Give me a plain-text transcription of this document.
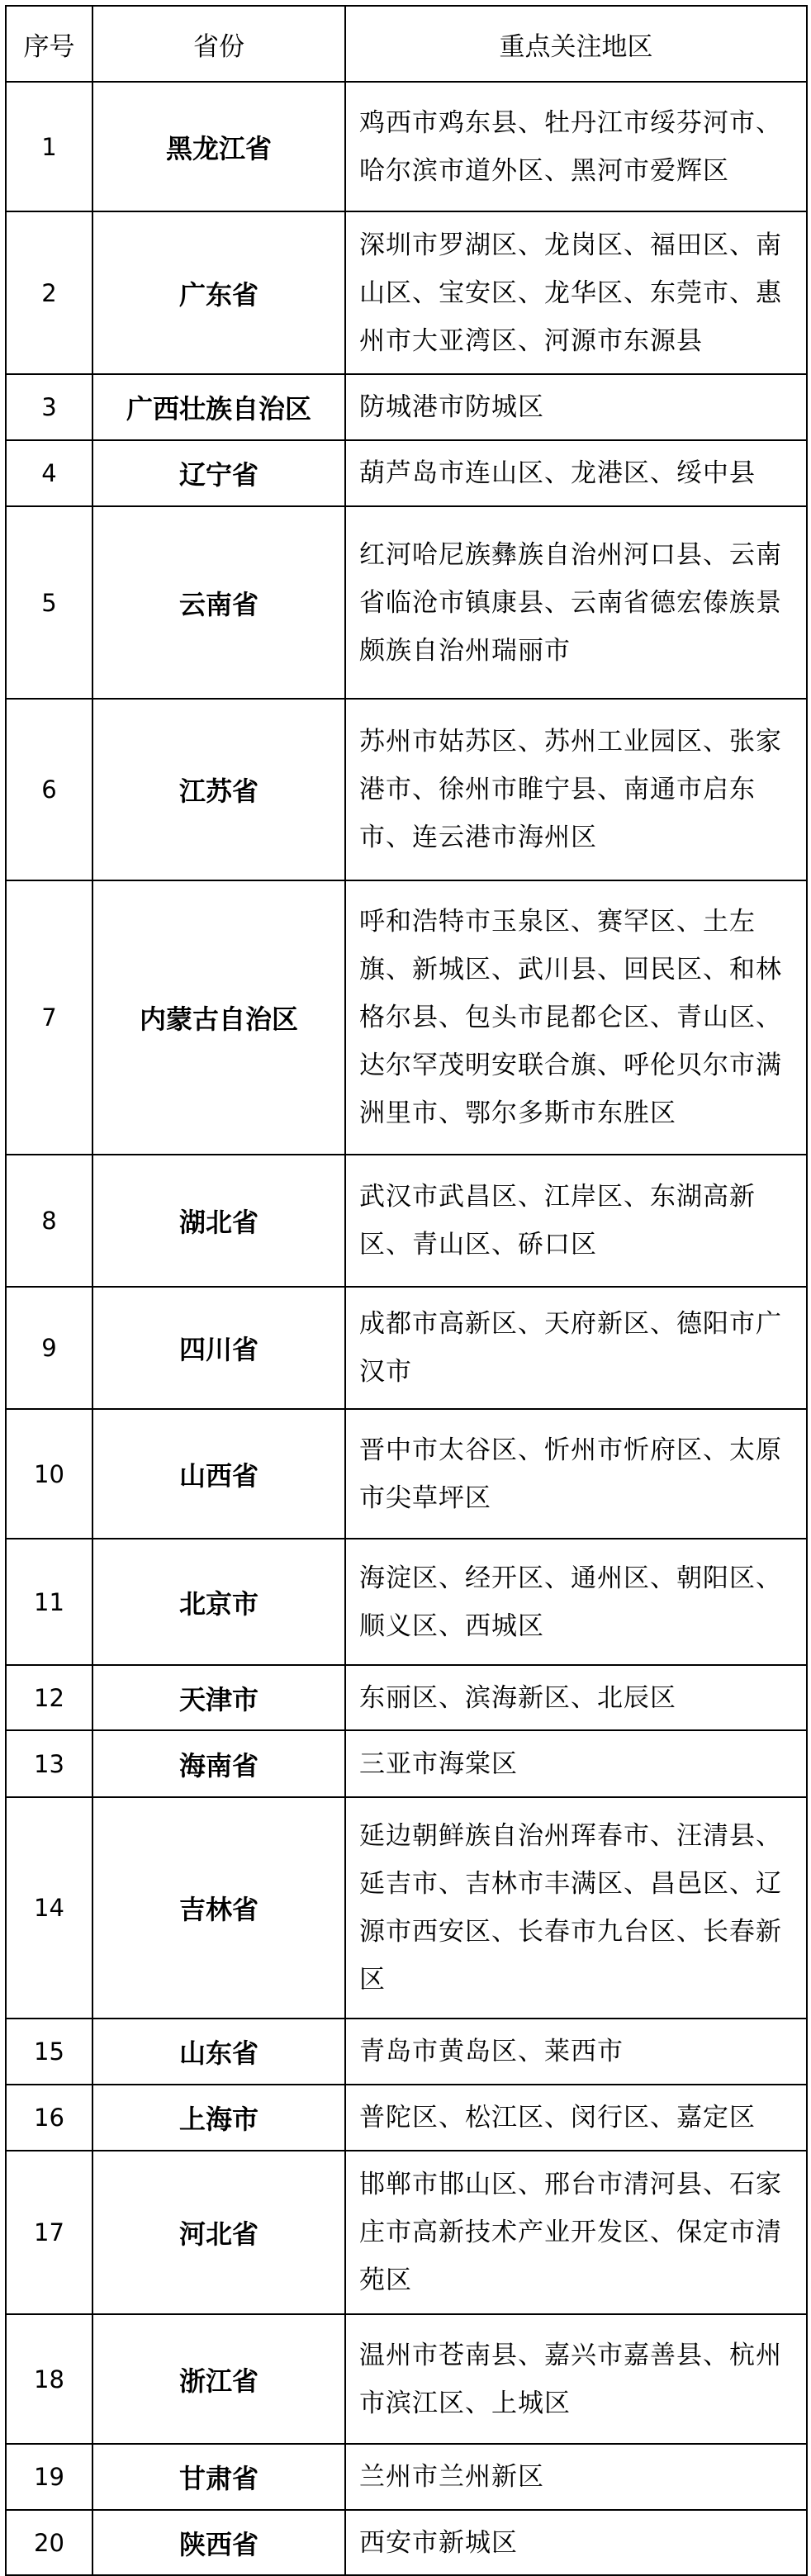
序号	省份	重点关注地区
1	黑龙江省	鸡西市鸡东县、牡丹江市绥芬河市、哈尔滨市道外区、黑河市爱辉区
2	广东省	深圳市罗湖区、龙岗区、福田区、南山区、宝安区、龙华区、东莞市、惠州市大亚湾区、河源市东源县
3	广西壮族自治区	防城港市防城区
4	辽宁省	葫芦岛市连山区、龙港区、绥中县
5	云南省	红河哈尼族彝族自治州河口县、云南省临沧市镇康县、云南省德宏傣族景颇族自治州瑞丽市
6	江苏省	苏州市姑苏区、苏州工业园区、张家港市、徐州市睢宁县、南通市启东市、连云港市海州区
7	内蒙古自治区	呼和浩特市玉泉区、赛罕区、土左旗、新城区、武川县、回民区、和林格尔县、包头市昆都仑区、青山区、达尔罕茂明安联合旗、呼伦贝尔市满洲里市、鄂尔多斯市东胜区
8	湖北省	武汉市武昌区、江岸区、东湖高新区、青山区、硚口区
9	四川省	成都市高新区、天府新区、德阳市广汉市
10	山西省	晋中市太谷区、忻州市忻府区、太原市尖草坪区
11	北京市	海淀区、经开区、通州区、朝阳区、顺义区、西城区
12	天津市	东丽区、滨海新区、北辰区
13	海南省	三亚市海棠区
14	吉林省	延边朝鲜族自治州珲春市、汪清县、延吉市、吉林市丰满区、昌邑区、辽源市西安区、长春市九台区、长春新区
15	山东省	青岛市黄岛区、莱西市
16	上海市	普陀区、松江区、闵行区、嘉定区
17	河北省	邯郸市邯山区、邢台市清河县、石家庄市高新技术产业开发区、保定市清苑区
18	浙江省	温州市苍南县、嘉兴市嘉善县、杭州市滨江区、上城区
19	甘肃省	兰州市兰州新区
20	陕西省	西安市新城区
